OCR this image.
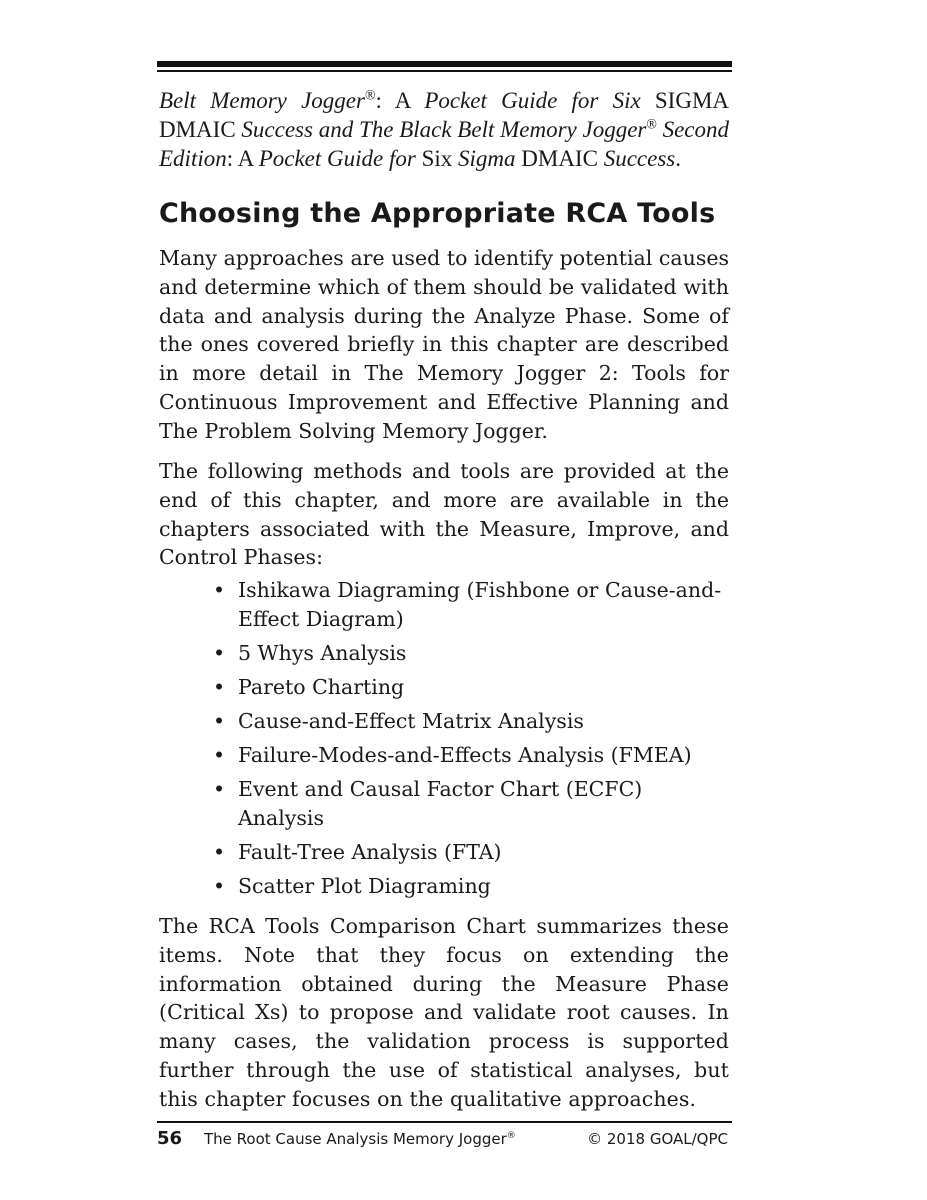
Belt Memory Jogger®: A Pocket Guide for Six SIGMA DMAIC Success and The Black Belt Memory Jogger® Second Edition: A Pocket Guide for Six Sigma DMAIC Success.

Choosing the Appropriate RCA Tools

Many approaches are used to identify potential causes and determine which of them should be validated with data and analysis during the Analyze Phase. Some of the ones covered briefly in this chapter are described in more detail in The Memory Jogger 2: Tools for Continuous Improvement and Effective Planning and The Problem Solving Memory Jogger.

The following methods and tools are provided at the end of this chapter, and more are available in the chapters associated with the Measure, Improve, and Control Phases:

• Ishikawa Diagraming (Fishbone or Cause-and-Effect Diagram)
• 5 Whys Analysis
• Pareto Charting
• Cause-and-Effect Matrix Analysis
• Failure-Modes-and-Effects Analysis (FMEA)
• Event and Causal Factor Chart (ECFC) Analysis
• Fault-Tree Analysis (FTA)
• Scatter Plot Diagraming

The RCA Tools Comparison Chart summarizes these items. Note that they focus on extending the information obtained during the Measure Phase (Critical Xs) to propose and validate root causes. In many cases, the validation process is supported further through the use of statistical analyses, but this chapter focuses on the qualitative approaches.

56 The Root Cause Analysis Memory Jogger®	© 2018 GOAL/QPC
